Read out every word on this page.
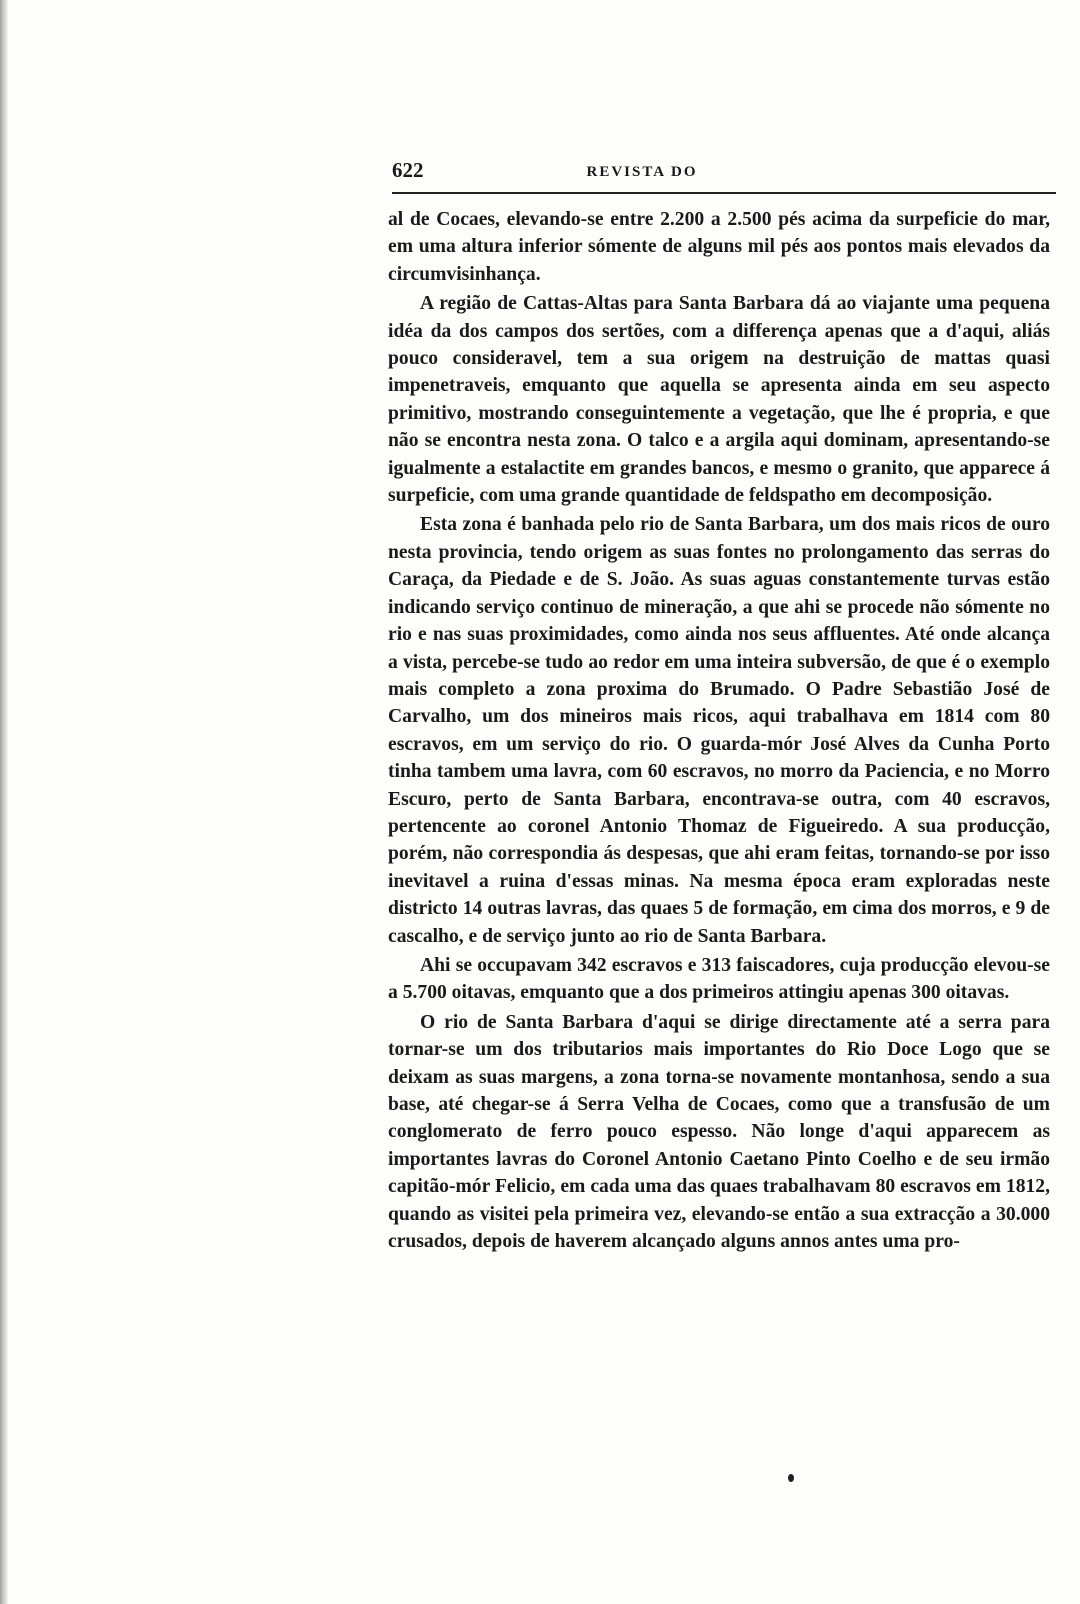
622	REVISTA DO

al de Cocaes, elevando-se entre 2.200 a 2.500 pés acima da surpeficie do mar, em uma altura inferior sómente de alguns mil pés aos pontos mais elevados da circumvisinhança.

A região de Cattas-Altas para Santa Barbara dá ao viajante uma pequena idéa da dos campos dos sertões, com a differença apenas que a d'aqui, aliás pouco consideravel, tem a sua origem na destruição de mattas quasi impenetraveis, emquanto que aquella se apresenta ainda em seu aspecto primitivo, mostrando conseguintemente a vegetação, que lhe é propria, e que não se encontra nesta zona. O talco e a argila aqui dominam, apresentando-se igualmente a estalactite em grandes bancos, e mesmo o granito, que apparece á surpeficie, com uma grande quantidade de feldspatho em decomposição.

Esta zona é banhada pelo rio de Santa Barbara, um dos mais ricos de ouro nesta provincia, tendo origem as suas fontes no prolongamento das serras do Caraça, da Piedade e de S. João. As suas aguas constantemente turvas estão indicando serviço continuo de mineração, a que ahi se procede não sómente no rio e nas suas proximidades, como ainda nos seus affluentes. Até onde alcança a vista, percebe-se tudo ao redor em uma inteira subversão, de que é o exemplo mais completo a zona proxima do Brumado. O Padre Sebastião José de Carvalho, um dos mineiros mais ricos, aqui trabalhava em 1814 com 80 escravos, em um serviço do rio. O guarda-mór José Alves da Cunha Porto tinha tambem uma lavra, com 60 escravos, no morro da Paciencia, e no Morro Escuro, perto de Santa Barbara, encontrava-se outra, com 40 escravos, pertencente ao coronel Antonio Thomaz de Figueiredo. A sua producção, porém, não correspondia ás despesas, que ahi eram feitas, tornando-se por isso inevitavel a ruina d'essas minas. Na mesma época eram exploradas neste districto 14 outras lavras, das quaes 5 de formação, em cima dos morros, e 9 de cascalho, e de serviço junto ao rio de Santa Barbara.

Ahi se occupavam 342 escravos e 313 faiscadores, cuja producção elevou-se a 5.700 oitavas, emquanto que a dos primeiros attingiu apenas 300 oitavas.

O rio de Santa Barbara d'aqui se dirige directamente até a serra para tornar-se um dos tributarios mais importantes do Rio Doce Logo que se deixam as suas margens, a zona torna-se novamente montanhosa, sendo a sua base, até chegar-se á Serra Velha de Cocaes, como que a transfusão de um conglomerato de ferro pouco espesso. Não longe d'aqui apparecem as importantes lavras do Coronel Antonio Caetano Pinto Coelho e de seu irmão capitão-mór Felicio, em cada uma das quaes trabalhavam 80 escravos em 1812, quando as visitei pela primeira vez, elevando-se então a sua extracção a 30.000 crusados, depois de haverem alcançado alguns annos antes uma pro-
